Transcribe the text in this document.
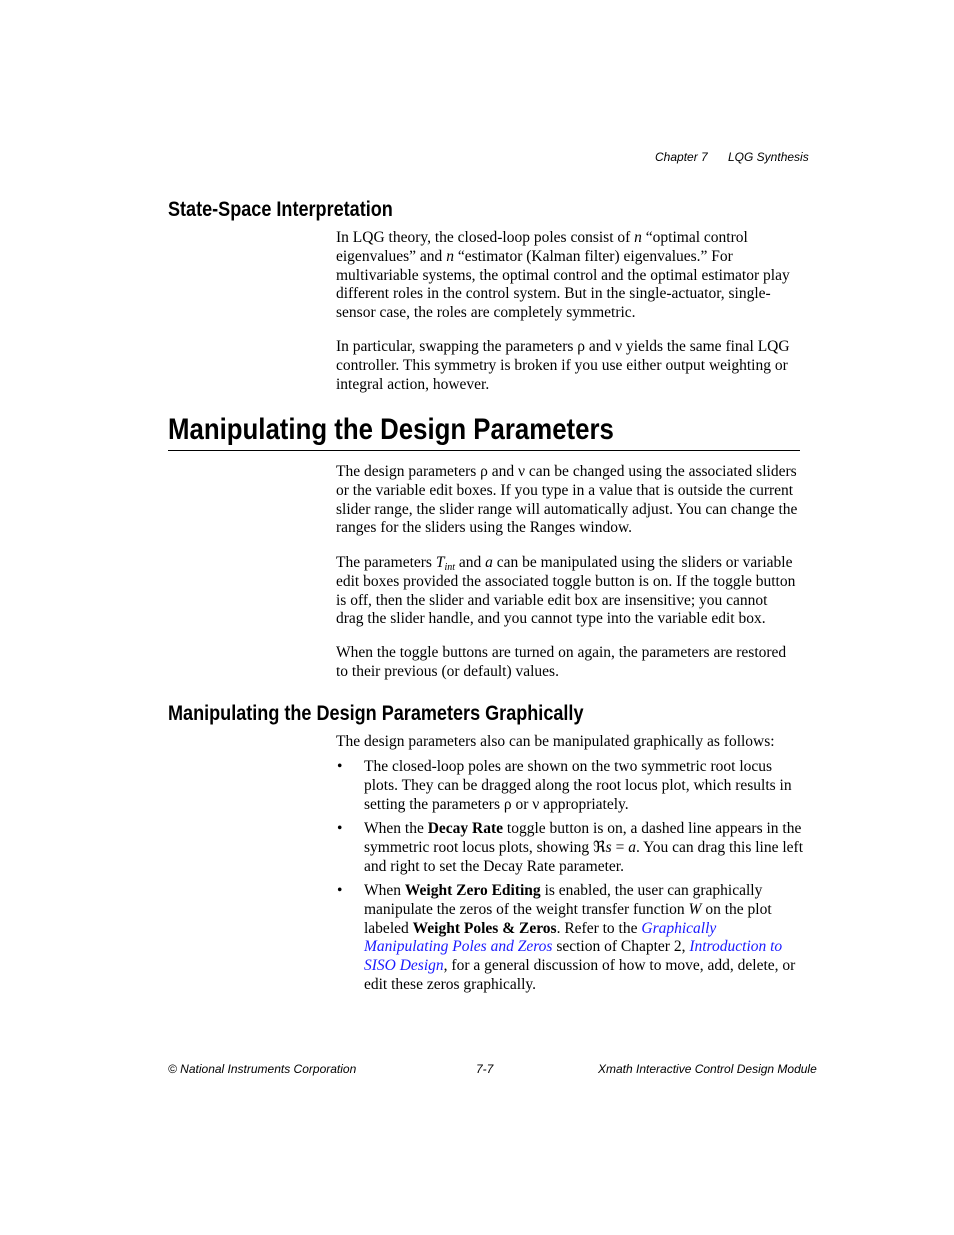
Chapter 7 LQG Synthesis
State-Space Interpretation
In LQG theory, the closed-loop poles consist of n “optimal control eigenvalues” and n “estimator (Kalman filter) eigenvalues.” For multivariable systems, the optimal control and the optimal estimator play different roles in the control system. But in the single-actuator, single-sensor case, the roles are completely symmetric.
In particular, swapping the parameters ρ and ν yields the same final LQG controller. This symmetry is broken if you use either output weighting or integral action, however.
Manipulating the Design Parameters
The design parameters ρ and ν can be changed using the associated sliders or the variable edit boxes. If you type in a value that is outside the current slider range, the slider range will automatically adjust. You can change the ranges for the sliders using the Ranges window.
The parameters $T_{int}$ and a can be manipulated using the sliders or variable edit boxes provided the associated toggle button is on. If the toggle button is off, then the slider and variable edit box are insensitive; you cannot drag the slider handle, and you cannot type into the variable edit box.
When the toggle buttons are turned on again, the parameters are restored to their previous (or default) values.
Manipulating the Design Parameters Graphically
The design parameters also can be manipulated graphically as follows:
•	The closed-loop poles are shown on the two symmetric root locus plots. They can be dragged along the root locus plot, which results in setting the parameters ρ or ν appropriately.
•	When the Decay Rate toggle button is on, a dashed line appears in the symmetric root locus plots, showing ℜs = a. You can drag this line left and right to set the Decay Rate parameter.
•	When Weight Zero Editing is enabled, the user can graphically manipulate the zeros of the weight transfer function W on the plot labeled Weight Poles & Zeros. Refer to the Graphically Manipulating Poles and Zeros section of Chapter 2, Introduction to SISO Design, for a general discussion of how to move, add, delete, or edit these zeros graphically.
© National Instruments Corporation	7-7	Xmath Interactive Control Design Module
